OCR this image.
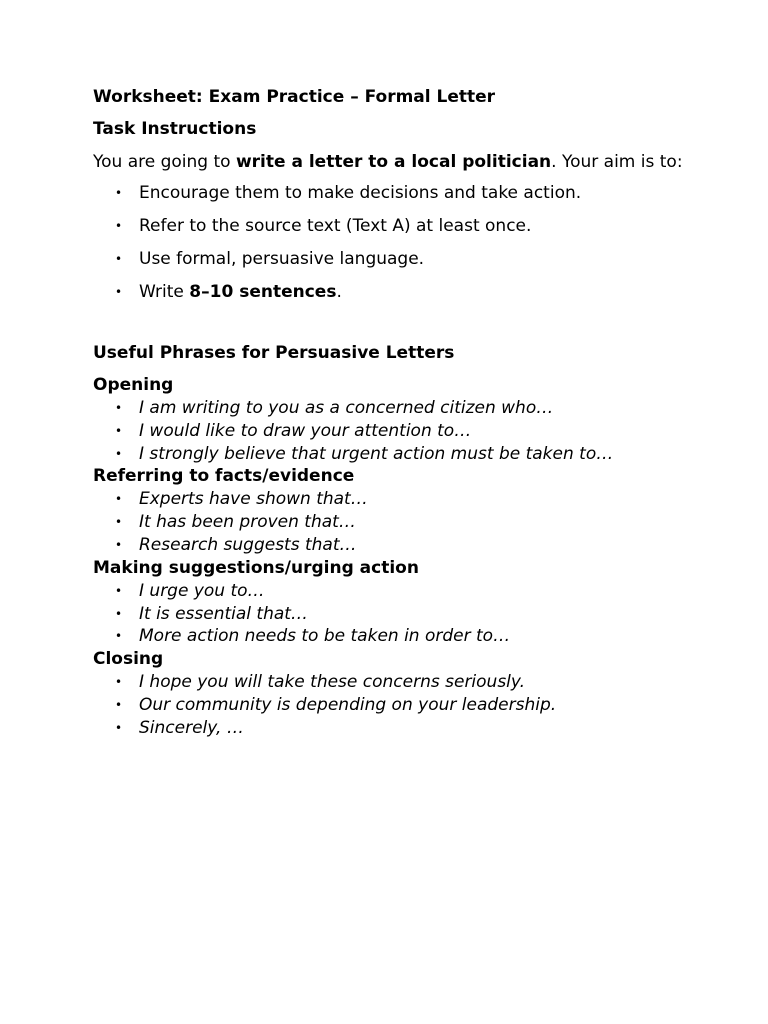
Worksheet: Exam Practice – Formal Letter
Task Instructions

You are going to write a letter to a local politician. Your aim is to:

• Encourage them to make decisions and take action.
• Refer to the source text (Text A) at least once.
• Use formal, persuasive language.
• Write 8–10 sentences.
Useful Phrases for Persuasive Letters
Opening
• I am writing to you as a concerned citizen who…
• I would like to draw your attention to…
• I strongly believe that urgent action must be taken to…
Referring to facts/evidence
• Experts have shown that…
• It has been proven that…
• Research suggests that…
Making suggestions/urging action
• I urge you to…
• It is essential that…
• More action needs to be taken in order to…
Closing
• I hope you will take these concerns seriously.
• Our community is depending on your leadership.
• Sincerely, …
